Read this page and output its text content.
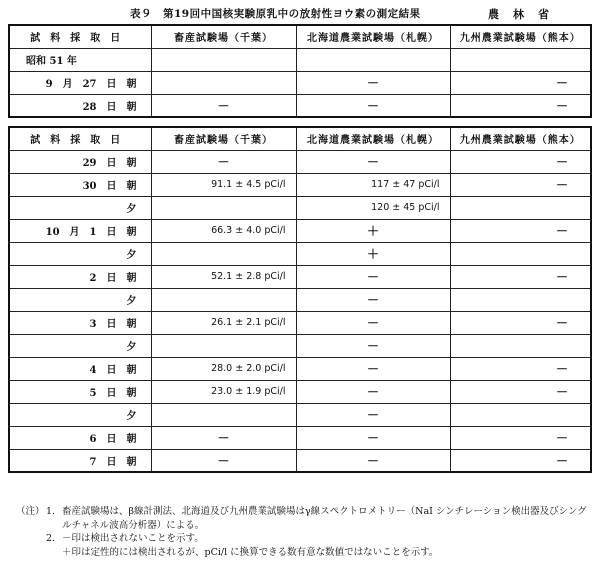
表９　第19回中国核実験原乳中の放射性ヨウ素の測定結果	農林省
試料採取日	畜産試験場（千葉）	北海道農業試験場（札幌）	九州農業試験場（熊本）
昭和 51 年			
9　月　27　日　朝		－	－
28　日　朝	－	－	－
試料採取日	畜産試験場（千葉）	北海道農業試験場（札幌）	九州農業試験場（熊本）
29　日　朝	－	－	－
30　日　朝	91.1 ± 4.5 pCi/l	117 ± 47 pCi/l	－
夕		120 ± 45 pCi/l	
10　月　1　日　朝	66.3 ± 4.0 pCi/l	＋	－
夕		＋	
2　日　朝	52.1 ± 2.8 pCi/l	－	－
夕		－	
3　日　朝	26.1 ± 2.1 pCi/l	－	－
夕		－	
4　日　朝	28.0 ± 2.0 pCi/l	－	－
5　日　朝	23.0 ± 1.9 pCi/l	－	－
夕		－	
6　日　朝	－	－	－
7　日　朝	－	－	－
（注） 1. 畜産試験場は、β線計測法、北海道及び九州農業試験場はγ線スペクトロメトリー（NaI シンチレーション検出器及びシングルチャネル波高分析器）による。
2. －印は検出されないことを示す。
＋印は定性的には検出されるが、pCi/l に換算できる数有意な数値ではないことを示す。
